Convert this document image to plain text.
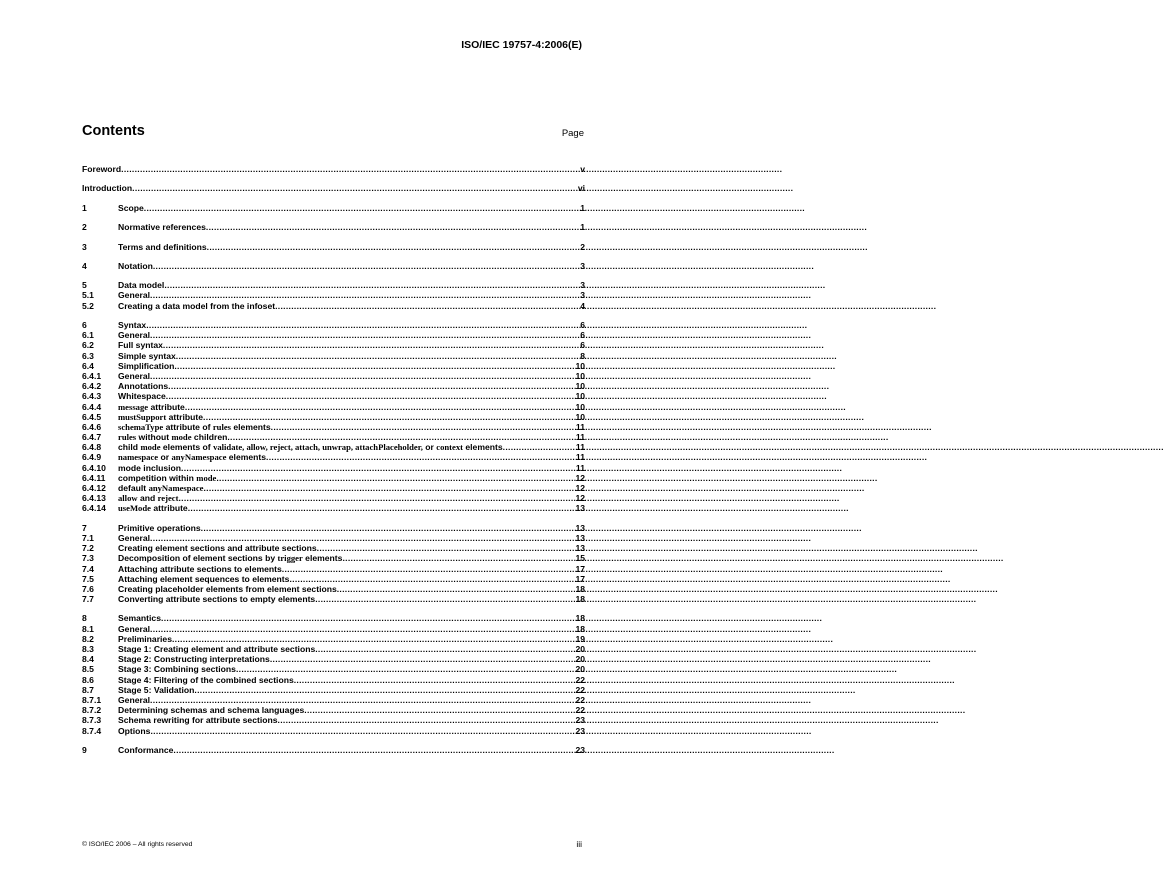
ISO/IEC 19757-4:2006(E)
Contents	Page
Foreword .....	v
Introduction .....	vi
1	Scope .....	1
2	Normative references .....	1
3	Terms and definitions .....	2
4	Notation .....	3
5	Data model .....	3
5.1	General .....	3
5.2	Creating a data model from the infoset .....	4
6	Syntax .....	6
6.1	General .....	6
6.2	Full syntax .....	6
6.3	Simple syntax .....	8
6.4	Simplification .....	10
6.4.1	General .....	10
6.4.2	Annotations .....	10
6.4.3	Whitespace .....	10
6.4.4	message attribute .....	10
6.4.5	mustSupport attribute .....	10
6.4.6	schemaType attribute of rules elements .....	11
6.4.7	rules without mode children .....	11
6.4.8	child mode elements of validate, allow, reject, attach, unwrap, attachPlaceholder, or context elements .....	11
6.4.9	namespace or anyNamespace elements .....	11
6.4.10	mode inclusion .....	11
6.4.11	competition within mode .....	12
6.4.12	default anyNamespace .....	12
6.4.13	allow and reject .....	12
6.4.14	useMode attribute .....	13
7	Primitive operations .....	13
7.1	General .....	13
7.2	Creating element sections and attribute sections .....	13
7.3	Decomposition of element sections by trigger elements .....	15
7.4	Attaching attribute sections to elements .....	17
7.5	Attaching element sequences to elements .....	17
7.6	Creating placeholder elements from element sections .....	18
7.7	Converting attribute sections to empty elements .....	18
8	Semantics .....	18
8.1	General .....	18
8.2	Preliminaries .....	19
8.3	Stage 1: Creating element and attribute sections .....	20
8.4	Stage 2: Constructing interpretations .....	20
8.5	Stage 3: Combining sections .....	20
8.6	Stage 4: Filtering of the combined sections .....	22
8.7	Stage 5: Validation .....	22
8.7.1	General .....	22
8.7.2	Determining schemas and schema languages .....	22
8.7.3	Schema rewriting for attribute sections .....	23
8.7.4	Options .....	23
9	Conformance .....	23
© ISO/IEC 2006 – All rights reserved	iii
